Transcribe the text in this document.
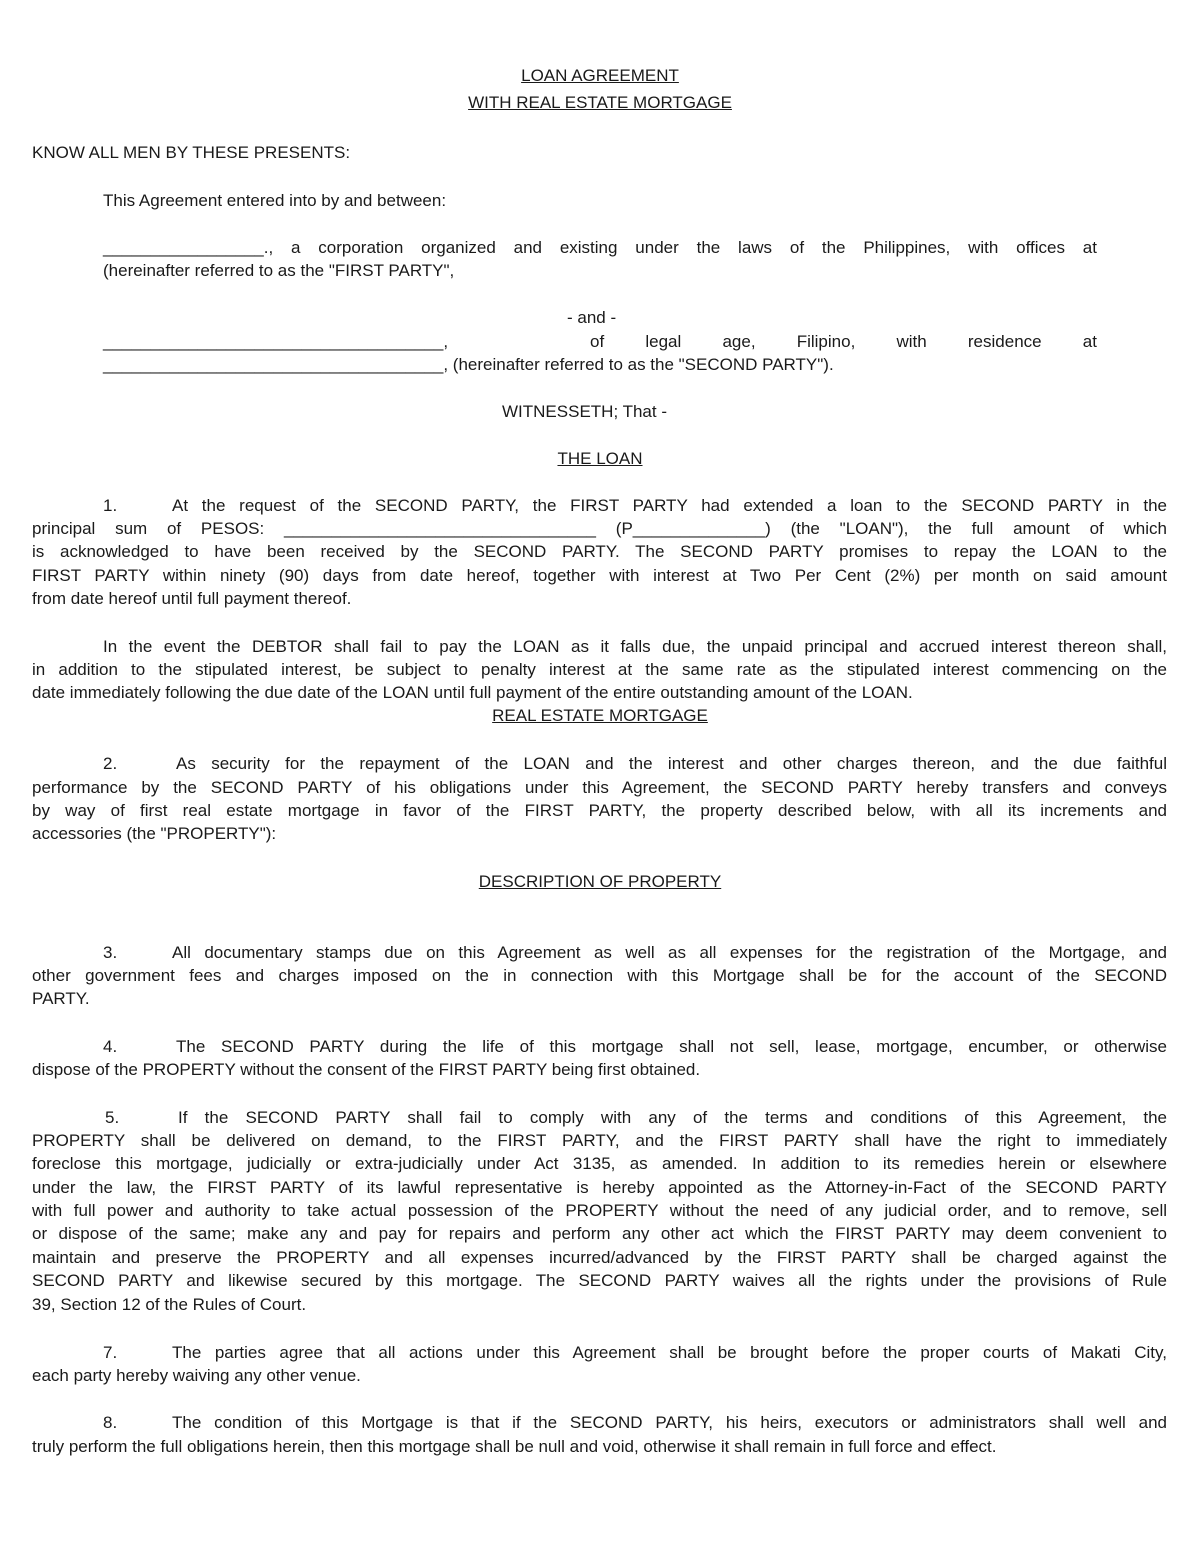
LOAN AGREEMENT
WITH REAL ESTATE MORTGAGE
KNOW ALL MEN BY THESE PRESENTS:
This Agreement entered into by and between:
_________________., a corporation organized and existing under the laws of the Philippines, with offices at
(hereinafter referred to as the "FIRST PARTY",
- and -
____________________________________,	of legal age, Filipino, with residence at
____________________________________, (hereinafter referred to as the "SECOND PARTY").
WITNESSETH; That -
THE LOAN
1.	At the request of the SECOND PARTY, the FIRST PARTY had extended a loan to the SECOND PARTY in the
principal sum of PESOS: _________________________________ (P______________) (the "LOAN"), the full amount of which
is acknowledged to have been received by the SECOND PARTY. The SECOND PARTY promises to repay the LOAN to the
FIRST PARTY within ninety (90) days from date hereof, together with interest at Two Per Cent (2%) per month on said amount
from date hereof until full payment thereof.
In the event the DEBTOR shall fail to pay the LOAN as it falls due, the unpaid principal and accrued interest thereon shall,
in addition to the stipulated interest, be subject to penalty interest at the same rate as the stipulated interest commencing on the
date immediately following the due date of the LOAN until full payment of the entire outstanding amount of the LOAN.
REAL ESTATE MORTGAGE
2.	As security for the repayment of the LOAN and the interest and other charges thereon, and the due faithful
performance by the SECOND PARTY of his obligations under this Agreement, the SECOND PARTY hereby transfers and conveys
by way of first real estate mortgage in favor of the FIRST PARTY, the property described below, with all its increments and
accessories (the "PROPERTY"):
DESCRIPTION OF PROPERTY
3.	All documentary stamps due on this Agreement as well as all expenses for the registration of the Mortgage, and
other government fees and charges imposed on the in connection with this Mortgage shall be for the account of the SECOND
PARTY.
4.	The SECOND PARTY during the life of this mortgage shall not sell, lease, mortgage, encumber, or otherwise
dispose of the PROPERTY without the consent of the FIRST PARTY being first obtained.
5.	If the SECOND PARTY shall fail to comply with any of the terms and conditions of this Agreement, the
PROPERTY shall be delivered on demand, to the FIRST PARTY, and the FIRST PARTY shall have the right to immediately
foreclose this mortgage, judicially or extra-judicially under Act 3135, as amended. In addition to its remedies herein or elsewhere
under the law, the FIRST PARTY of its lawful representative is hereby appointed as the Attorney-in-Fact of the SECOND PARTY
with full power and authority to take actual possession of the PROPERTY without the need of any judicial order, and to remove, sell
or dispose of the same; make any and pay for repairs and perform any other act which the FIRST PARTY may deem convenient to
maintain and preserve the PROPERTY and all expenses incurred/advanced by the FIRST PARTY shall be charged against the
SECOND PARTY and likewise secured by this mortgage. The SECOND PARTY waives all the rights under the provisions of Rule
39, Section 12 of the Rules of Court.
7.	The parties agree that all actions under this Agreement shall be brought before the proper courts of Makati City,
each party hereby waiving any other venue.
8.	The condition of this Mortgage is that if the SECOND PARTY, his heirs, executors or administrators shall well and
truly perform the full obligations herein, then this mortgage shall be null and void, otherwise it shall remain in full force and effect.
